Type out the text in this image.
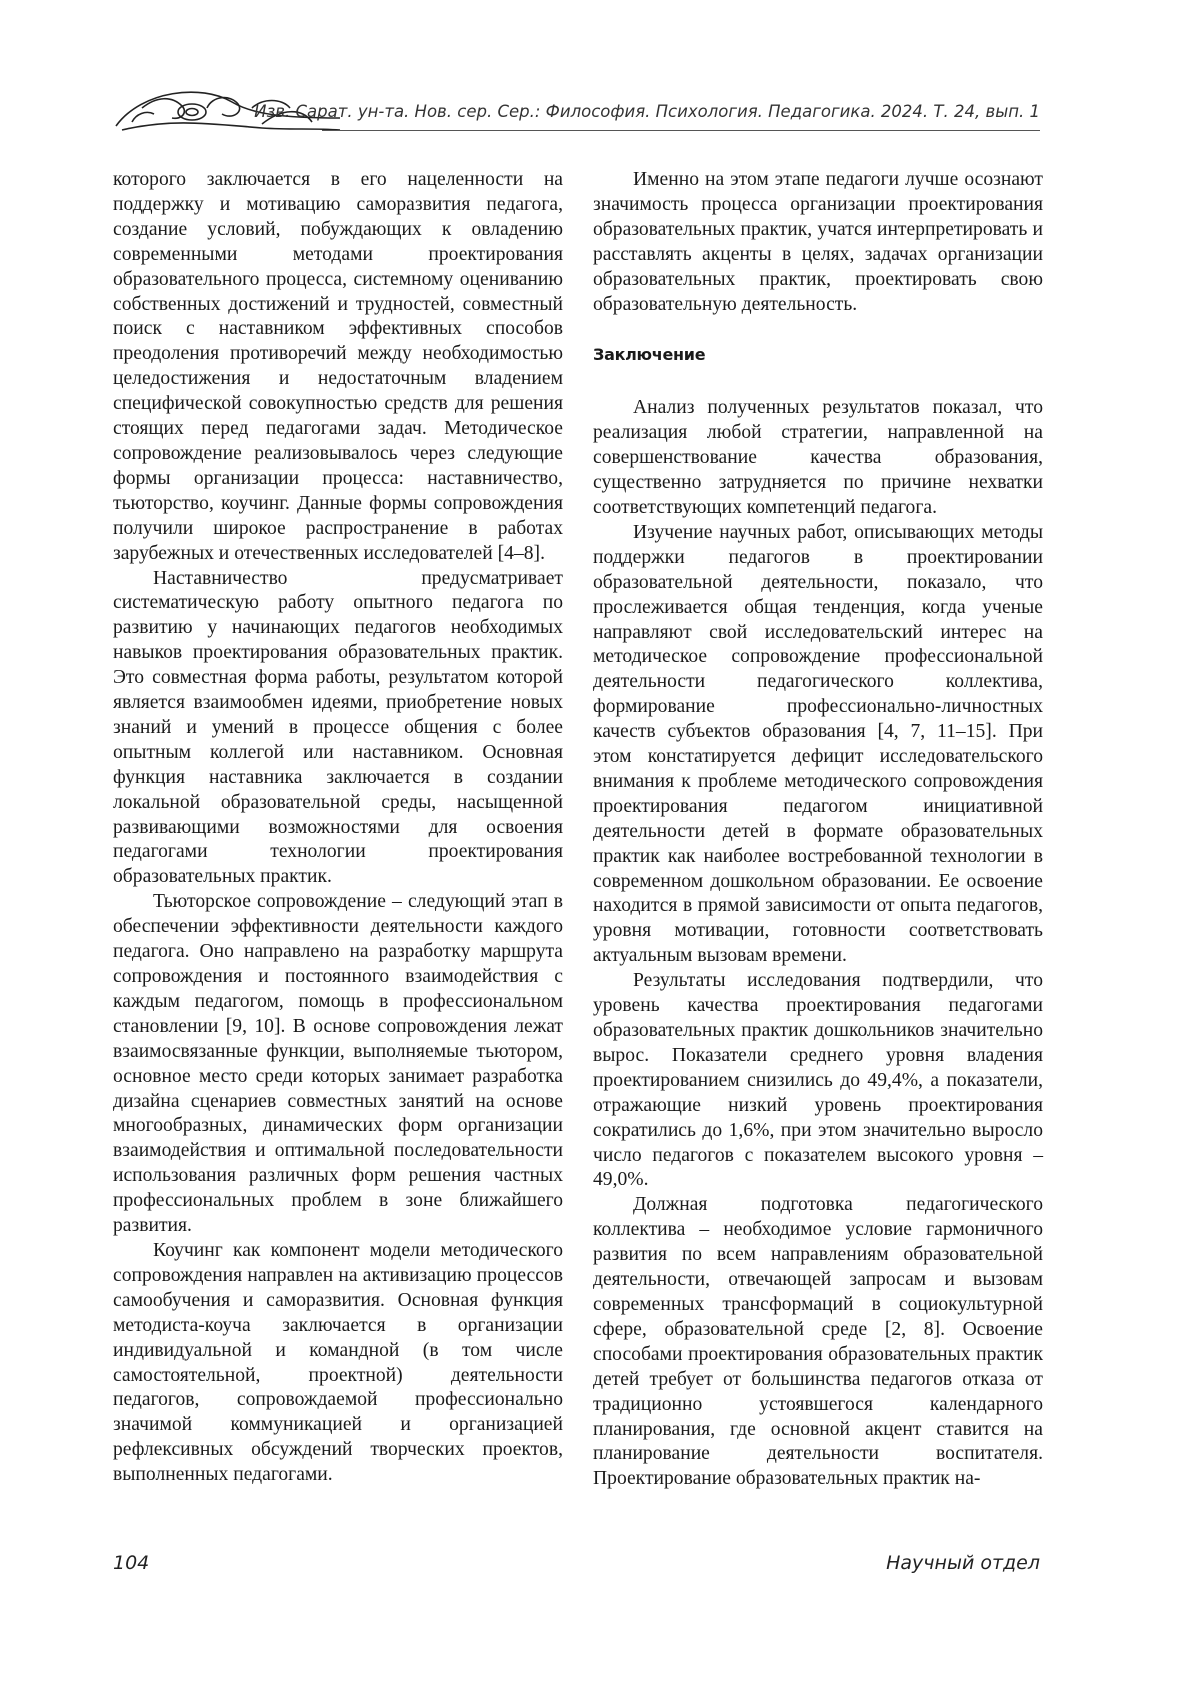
Изв. Сарат. ун-та. Нов. сер. Сер.: Философия. Психология. Педагогика. 2024. Т. 24, вып. 1

которого заключается в его нацеленности на поддержку и мотивацию саморазвития педагога, создание условий, побуждающих к овладению современными методами проектирования образовательного процесса, системному оцениванию собственных достижений и трудностей, совместный поиск с наставником эффективных способов преодоления противоречий между необходимостью целедостижения и недостаточным владением специфической совокупностью средств для решения стоящих перед педагогами задач. Методическое сопровождение реализовывалось через следующие формы организации процесса: наставничество, тьюторство, коучинг. Данные формы сопровождения получили широкое распространение в работах зарубежных и отечественных исследователей [4–8].

Наставничество предусматривает систематическую работу опытного педагога по развитию у начинающих педагогов необходимых навыков проектирования образовательных практик. Это совместная форма работы, результатом которой является взаимообмен идеями, приобретение новых знаний и умений в процессе общения с более опытным коллегой или наставником. Основная функция наставника заключается в создании локальной образовательной среды, насыщенной развивающими возможностями для освоения педагогами технологии проектирования образовательных практик.

Тьюторское сопровождение – следующий этап в обеспечении эффективности деятельности каждого педагога. Оно направлено на разработку маршрута сопровождения и постоянного взаимодействия с каждым педагогом, помощь в профессиональном становлении [9, 10]. В основе сопровождения лежат взаимосвязанные функции, выполняемые тьютором, основное место среди которых занимает разработка дизайна сценариев совместных занятий на основе многообразных, динамических форм организации взаимодействия и оптимальной последовательности использования различных форм решения частных профессиональных проблем в зоне ближайшего развития.

Коучинг как компонент модели методического сопровождения направлен на активизацию процессов самообучения и саморазвития. Основная функция методиста-коуча заключается в организации индивидуальной и командной (в том числе самостоятельной, проектной) деятельности педагогов, сопровождаемой профессионально значимой коммуникацией и организацией рефлексивных обсуждений творческих проектов, выполненных педагогами.

Именно на этом этапе педагоги лучше осознают значимость процесса организации проектирования образовательных практик, учатся интерпретировать и расставлять акценты в целях, задачах организации образовательных практик, проектировать свою образовательную деятельность.

Заключение

Анализ полученных результатов показал, что реализация любой стратегии, направленной на совершенствование качества образования, существенно затрудняется по причине нехватки соответствующих компетенций педагога.

Изучение научных работ, описывающих методы поддержки педагогов в проектировании образовательной деятельности, показало, что прослеживается общая тенденция, когда ученые направляют свой исследовательский интерес на методическое сопровождение профессиональной деятельности педагогического коллектива, формирование профессионально-личностных качеств субъектов образования [4, 7, 11–15]. При этом констатируется дефицит исследовательского внимания к проблеме методического сопровождения проектирования педагогом инициативной деятельности детей в формате образовательных практик как наиболее востребованной технологии в современном дошкольном образовании. Ее освоение находится в прямой зависимости от опыта педагогов, уровня мотивации, готовности соответствовать актуальным вызовам времени.

Результаты исследования подтвердили, что уровень качества проектирования педагогами образовательных практик дошкольников значительно вырос. Показатели среднего уровня владения проектированием снизились до 49,4%, а показатели, отражающие низкий уровень проектирования сократились до 1,6%, при этом значительно выросло число педагогов с показателем высокого уровня – 49,0%.

Должная подготовка педагогического коллектива – необходимое условие гармоничного развития по всем направлениям образовательной деятельности, отвечающей запросам и вызовам современных трансформаций в социокультурной сфере, образовательной среде [2, 8]. Освоение способами проектирования образовательных практик детей требует от большинства педагогов отказа от традиционно устоявшегося календарного планирования, где основной акцент ставится на планирование деятельности воспитателя. Проектирование образовательных практик на-

104	Научный отдел
